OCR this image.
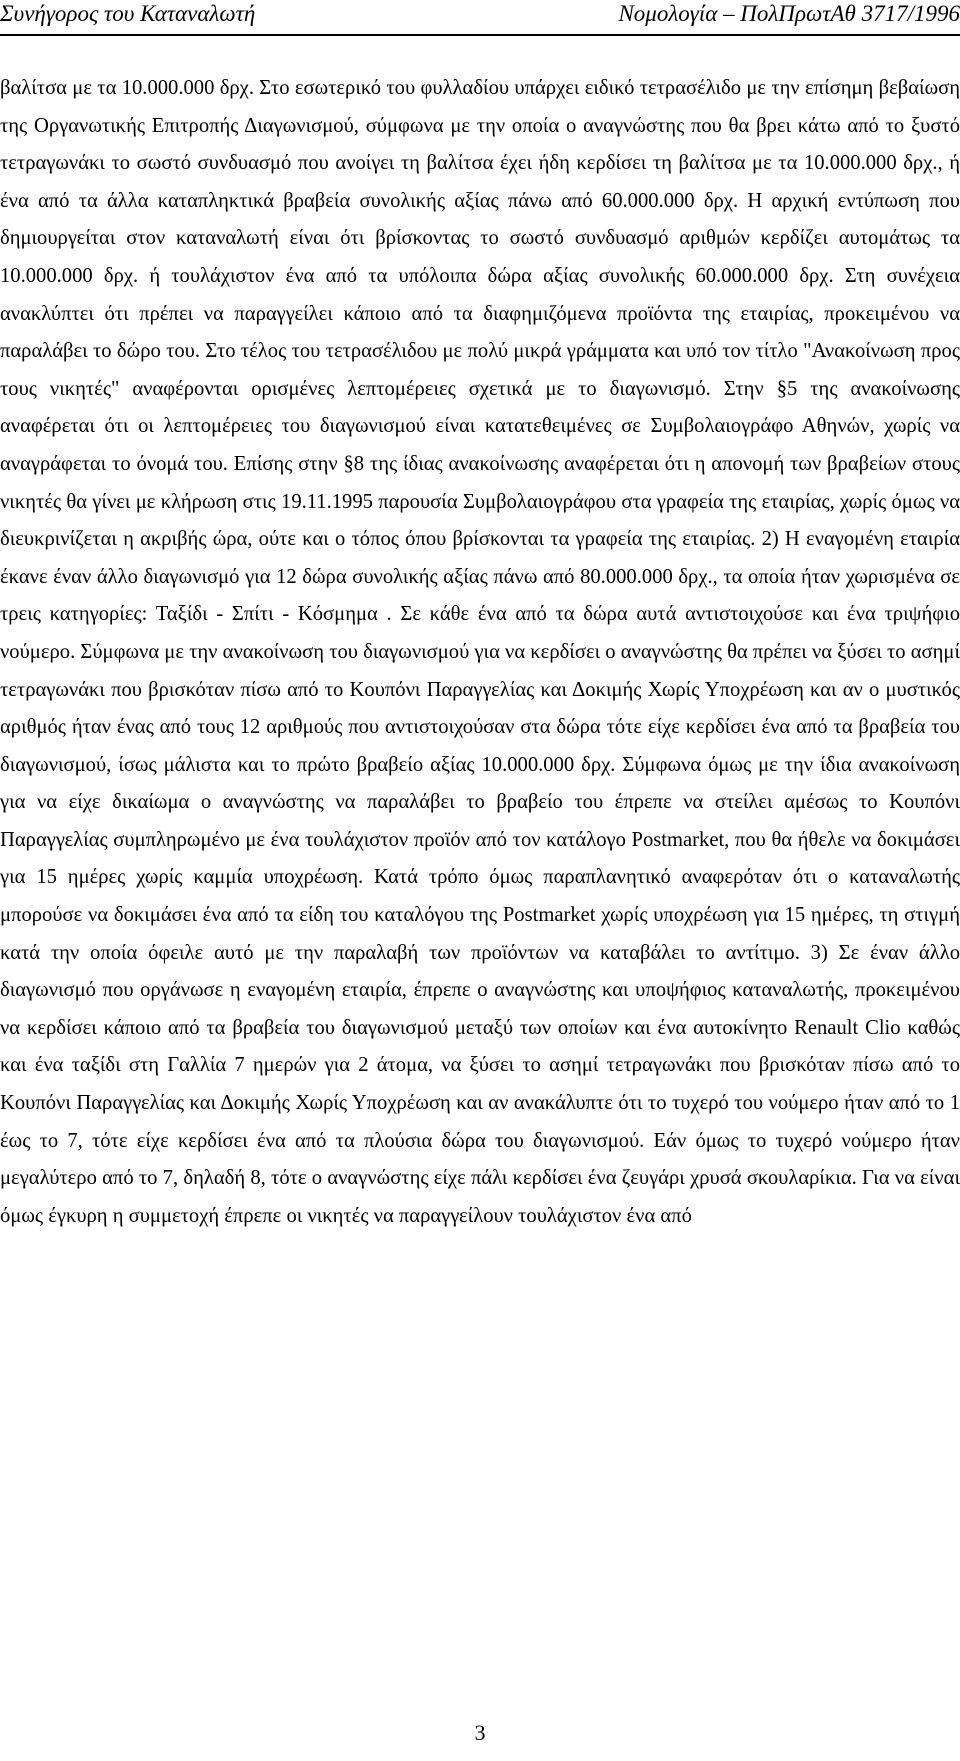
Συνήγορος του Καταναλωτή	Νομολογία – ΠολΠρωτΑθ 3717/1996

βαλίτσα με τα 10.000.000 δρχ. Στο εσωτερικό του φυλλαδίου υπάρχει ειδικό τετρασέλιδο με την επίσημη βεβαίωση της Οργανωτικής Επιτροπής Διαγωνισμού, σύμφωνα με την οποία ο αναγνώστης που θα βρει κάτω από το ξυστό τετραγωνάκι το σωστό συνδυασμό που ανοίγει τη βαλίτσα έχει ήδη κερδίσει τη βαλίτσα με τα 10.000.000 δρχ., ή ένα από τα άλλα καταπληκτικά βραβεία συνολικής αξίας πάνω από 60.000.000 δρχ. Η αρχική εντύπωση που δημιουργείται στον καταναλωτή είναι ότι βρίσκοντας το σωστό συνδυασμό αριθμών κερδίζει αυτομάτως τα 10.000.000 δρχ. ή τουλάχιστον ένα από τα υπόλοιπα δώρα αξίας συνολικής 60.000.000 δρχ. Στη συνέχεια ανακλύπτει ότι πρέπει να παραγγείλει κάποιο από τα διαφημιζόμενα προϊόντα της εταιρίας, προκειμένου να παραλάβει το δώρο του. Στο τέλος του τετρασέλιδου με πολύ μικρά γράμματα και υπό τον τίτλο "Ανακοίνωση προς τους νικητές" αναφέρονται ορισμένες λεπτομέρειες σχετικά με το διαγωνισμό. Στην §5 της ανακοίνωσης αναφέρεται ότι οι λεπτομέρειες του διαγωνισμού είναι κατατεθειμένες σε Συμβολαιογράφο Αθηνών, χωρίς να αναγράφεται το όνομά του. Επίσης στην §8 της ίδιας ανακοίνωσης αναφέρεται ότι η απονομή των βραβείων στους νικητές θα γίνει με κλήρωση στις 19.11.1995 παρουσία Συμβολαιογράφου στα γραφεία της εταιρίας, χωρίς όμως να διευκρινίζεται η ακριβής ώρα, ούτε και ο τόπος όπου βρίσκονται τα γραφεία της εταιρίας. 2) Η εναγομένη εταιρία έκανε έναν άλλο διαγωνισμό για 12 δώρα συνολικής αξίας πάνω από 80.000.000 δρχ., τα οποία ήταν χωρισμένα σε τρεις κατηγορίες: Ταξίδι - Σπίτι - Κόσμημα . Σε κάθε ένα από τα δώρα αυτά αντιστοιχούσε και ένα τριψήφιο νούμερο. Σύμφωνα με την ανακοίνωση του διαγωνισμού για να κερδίσει ο αναγνώστης θα πρέπει να ξύσει το ασημί τετραγωνάκι που βρισκόταν πίσω από το Κουπόνι Παραγγελίας και Δοκιμής Χωρίς Υποχρέωση και αν ο μυστικός αριθμός ήταν ένας από τους 12 αριθμούς που αντιστοιχούσαν στα δώρα τότε είχε κερδίσει ένα από τα βραβεία του διαγωνισμού, ίσως μάλιστα και το πρώτο βραβείο αξίας 10.000.000 δρχ. Σύμφωνα όμως με την ίδια ανακοίνωση για να είχε δικαίωμα ο αναγνώστης να παραλάβει το βραβείο του έπρεπε να στείλει αμέσως το Κουπόνι Παραγγελίας συμπληρωμένο με ένα τουλάχιστον προϊόν από τον κατάλογο Postmarket, που θα ήθελε να δοκιμάσει για 15 ημέρες χωρίς καμμία υποχρέωση. Κατά τρόπο όμως παραπλανητικό αναφερόταν ότι ο καταναλωτής μπορούσε να δοκιμάσει ένα από τα είδη του καταλόγου της Postmarket χωρίς υποχρέωση για 15 ημέρες, τη στιγμή κατά την οποία όφειλε αυτό με την παραλαβή των προϊόντων να καταβάλει το αντίτιμο. 3) Σε έναν άλλο διαγωνισμό που οργάνωσε η εναγομένη εταιρία, έπρεπε ο αναγνώστης και υποψήφιος καταναλωτής, προκειμένου να κερδίσει κάποιο από τα βραβεία του διαγωνισμού μεταξύ των οποίων και ένα αυτοκίνητο Renault Clio καθώς και ένα ταξίδι στη Γαλλία 7 ημερών για 2 άτομα, να ξύσει το ασημί τετραγωνάκι που βρισκόταν πίσω από το Κουπόνι Παραγγελίας και Δοκιμής Χωρίς Υποχρέωση και αν ανακάλυπτε ότι το τυχερό του νούμερο ήταν από το 1 έως το 7, τότε είχε κερδίσει ένα από τα πλούσια δώρα του διαγωνισμού. Εάν όμως το τυχερό νούμερο ήταν μεγαλύτερο από το 7, δηλαδή 8, τότε ο αναγνώστης είχε πάλι κερδίσει ένα ζευγάρι χρυσά σκουλαρίκια. Για να είναι όμως έγκυρη η συμμετοχή έπρεπε οι νικητές να παραγγείλουν τουλάχιστον ένα από

3
